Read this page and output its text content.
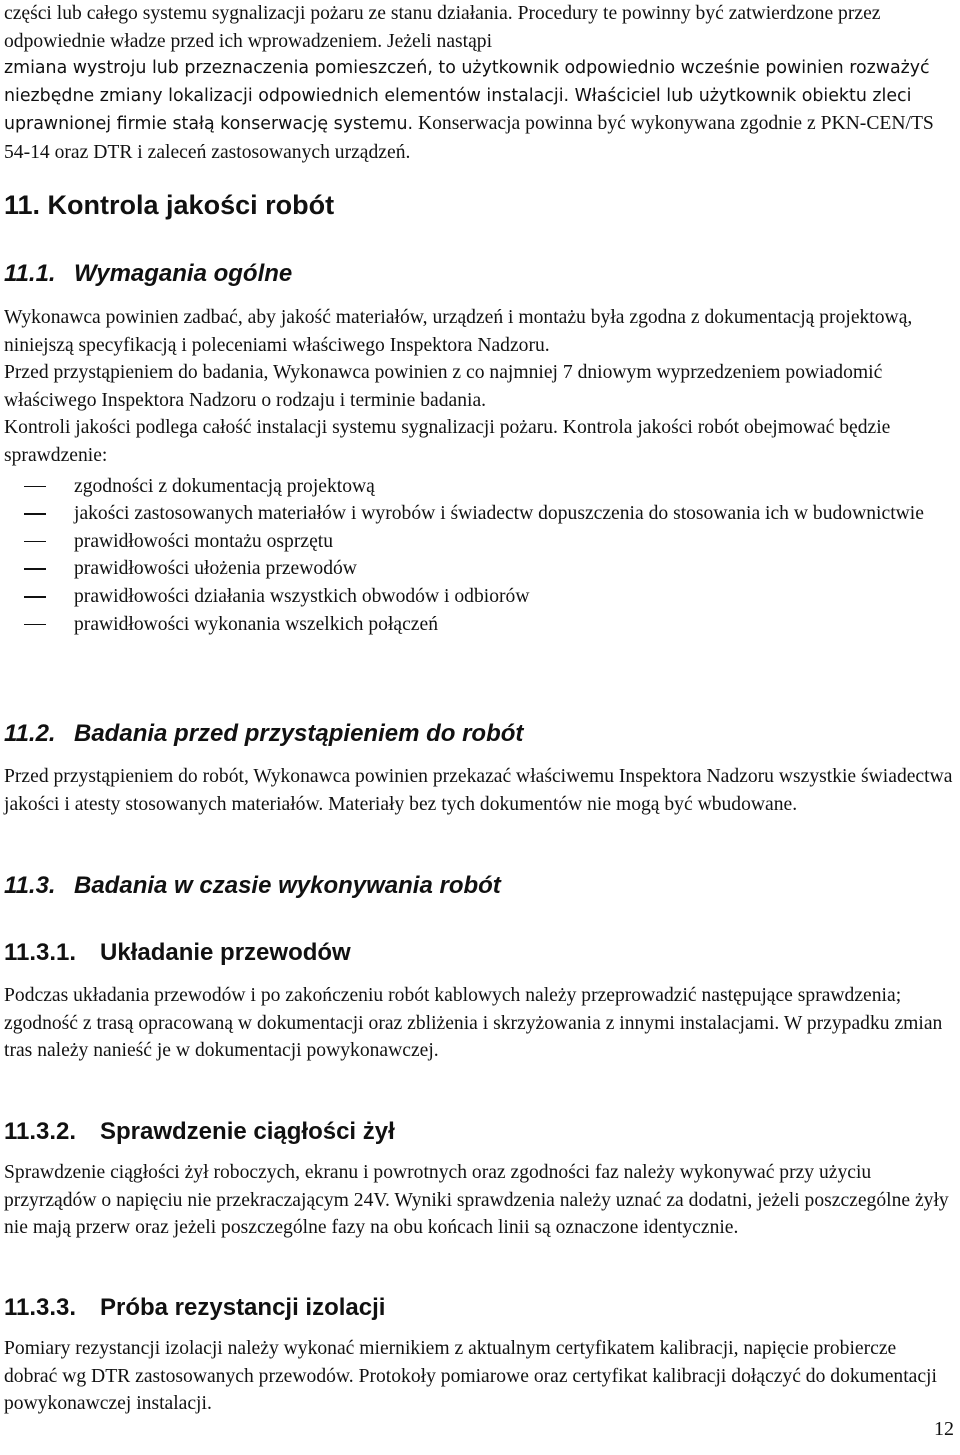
części lub całego systemu sygnalizacji pożaru ze stanu działania. Procedury te powinny być zatwierdzone przez odpowiednie władze przed ich wprowadzeniem. Jeżeli nastąpi
zmiana wystroju lub przeznaczenia pomieszczeń, to użytkownik odpowiednio wcześnie powinien rozważyć niezbędne zmiany lokalizacji odpowiednich elementów instalacji. Właściciel lub użytkownik obiektu zleci uprawnionej firmie stałą konserwację systemu. Konserwacja powinna być wykonywana zgodnie z PKN-CEN/TS 54-14 oraz DTR i zaleceń zastosowanych urządzeń.
11. Kontrola jakości robót
11.1. Wymagania ogólne

Wykonawca powinien zadbać, aby jakość materiałów, urządzeń i montażu była zgodna z dokumentacją projektową, niniejszą specyfikacją i poleceniami właściwego Inspektora Nadzoru.

Przed przystąpieniem do badania, Wykonawca powinien z co najmniej 7 dniowym wyprzedzeniem powiadomić właściwego Inspektora Nadzoru o rodzaju i terminie badania.

Kontroli jakości podlega całość instalacji systemu sygnalizacji pożaru. Kontrola jakości robót obejmować będzie sprawdzenie:

zgodności z dokumentacją projektową
jakości zastosowanych materiałów i wyrobów i świadectw dopuszczenia do stosowania ich w budownictwie
prawidłowości montażu osprzętu
prawidłowości ułożenia przewodów
prawidłowości działania wszystkich obwodów i odbiorów
prawidłowości wykonania wszelkich połączeń
11.2. Badania przed przystąpieniem do robót

Przed przystąpieniem do robót, Wykonawca powinien przekazać właściwemu Inspektora Nadzoru wszystkie świadectwa jakości i atesty stosowanych materiałów. Materiały bez tych dokumentów nie mogą być wbudowane.

11.3. Badania w czasie wykonywania robót
11.3.1. Układanie przewodów

Podczas układania przewodów i po zakończeniu robót kablowych należy przeprowadzić następujące sprawdzenia; zgodność z trasą opracowaną w dokumentacji oraz zbliżenia i skrzyżowania z innymi instalacjami. W przypadku zmian tras należy nanieść je w dokumentacji powykonawczej.

11.3.2. Sprawdzenie ciągłości żył

Sprawdzenie ciągłości żył roboczych, ekranu i powrotnych oraz zgodności faz należy wykonywać przy użyciu przyrządów o napięciu nie przekraczającym 24V. Wyniki sprawdzenia należy uznać za dodatni, jeżeli poszczególne żyły nie mają przerw oraz jeżeli poszczególne fazy na obu końcach linii są oznaczone identycznie.

11.3.3. Próba rezystancji izolacji

Pomiary rezystancji izolacji należy wykonać miernikiem z aktualnym certyfikatem kalibracji, napięcie probiercze dobrać wg DTR zastosowanych przewodów. Protokoły pomiarowe oraz certyfikat kalibracji dołączyć do dokumentacji powykonawczej instalacji.

12
